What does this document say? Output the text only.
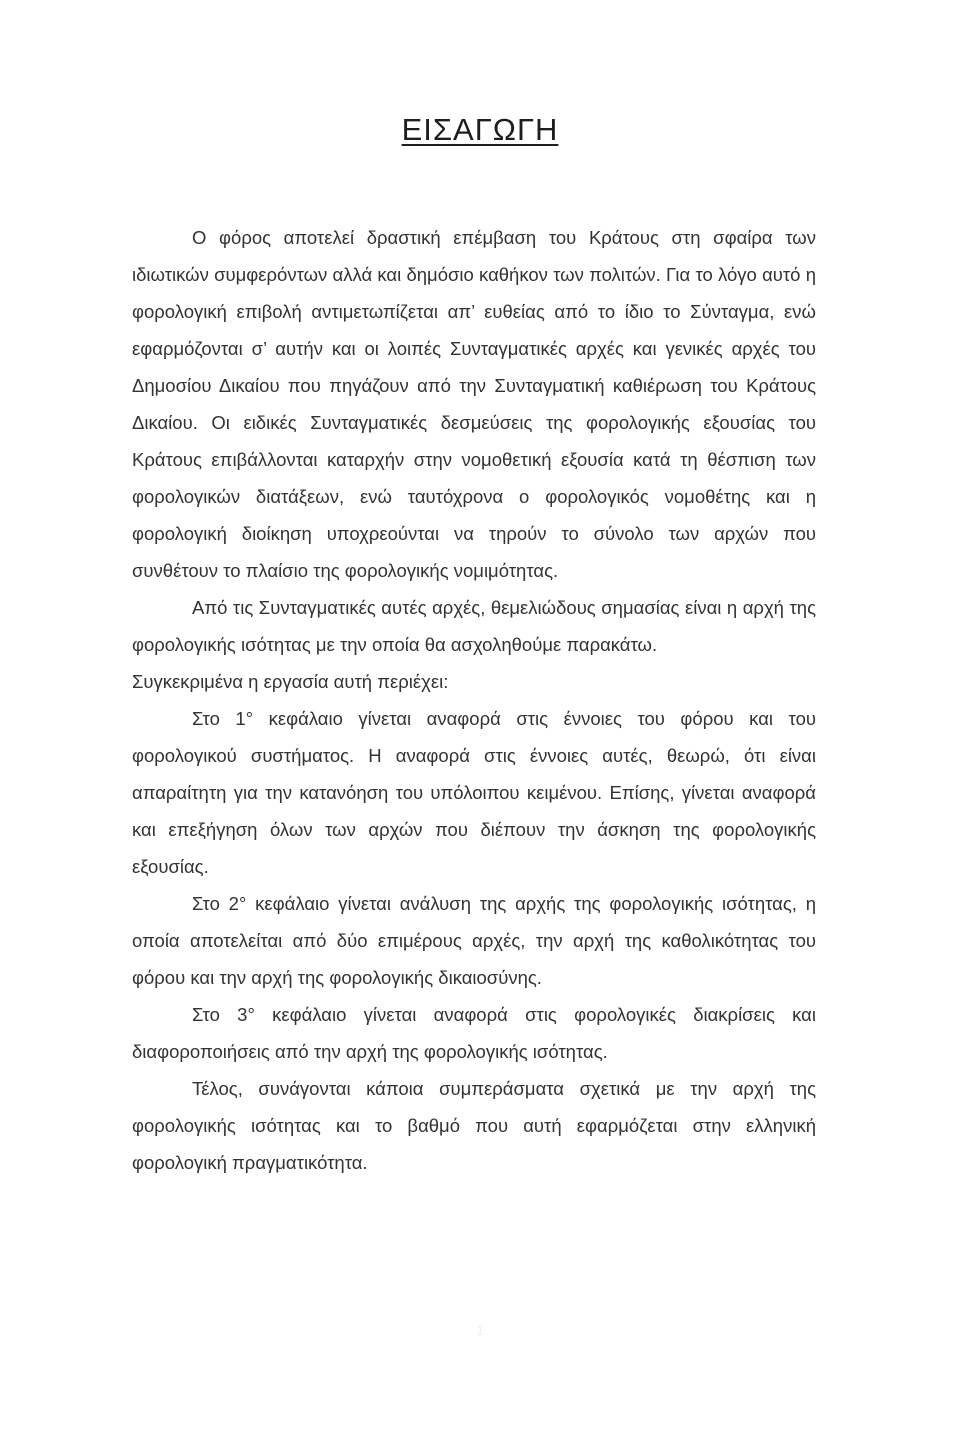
ΕΙΣΑΓΩΓΗ

Ο φόρος αποτελεί δραστική επέμβαση του Κράτους στη σφαίρα των ιδιωτικών συμφερόντων αλλά και δημόσιο καθήκον των πολιτών. Για το λόγο αυτό η φορολογική επιβολή αντιμετωπίζεται απ’ ευθείας από το ίδιο το Σύνταγμα, ενώ εφαρμόζονται σ’ αυτήν και οι λοιπές Συνταγματικές αρχές και γενικές αρχές του Δημοσίου Δικαίου που πηγάζουν από την Συνταγματική καθιέρωση του Κράτους Δικαίου. Οι ειδικές Συνταγματικές δεσμεύσεις της φορολογικής εξουσίας του Κράτους επιβάλλονται καταρχήν στην νομοθετική εξουσία κατά τη θέσπιση των φορολογικών διατάξεων, ενώ ταυτόχρονα ο φορολογικός νομοθέτης και η φορολογική διοίκηση υποχρεούνται να τηρούν το σύνολο των αρχών που συνθέτουν το πλαίσιο της φορολογικής νομιμότητας.

Από τις Συνταγματικές αυτές αρχές, θεμελιώδους σημασίας είναι η αρχή της φορολογικής ισότητας με την οποία θα ασχοληθούμε παρακάτω.

Συγκεκριμένα η εργασία αυτή περιέχει:

Στο 1° κεφάλαιο γίνεται αναφορά στις έννοιες του φόρου και του φορολογικού συστήματος. Η αναφορά στις έννοιες αυτές, θεωρώ, ότι είναι απαραίτητη για την κατανόηση του υπόλοιπου κειμένου. Επίσης, γίνεται αναφορά και επεξήγηση όλων των αρχών που διέπουν την άσκηση της φορολογικής εξουσίας.

Στο 2° κεφάλαιο γίνεται ανάλυση της αρχής της φορολογικής ισότητας, η οποία αποτελείται από δύο επιμέρους αρχές, την αρχή της καθολικότητας του φόρου και την αρχή της φορολογικής δικαιοσύνης.

Στο 3° κεφάλαιο γίνεται αναφορά στις φορολογικές διακρίσεις και διαφοροποιήσεις από την αρχή της φορολογικής ισότητας.

Τέλος, συνάγονται κάποια συμπεράσματα σχετικά με την αρχή της φορολογικής ισότητας και το βαθμό που αυτή εφαρμόζεται στην ελληνική φορολογική πραγματικότητα.

1
